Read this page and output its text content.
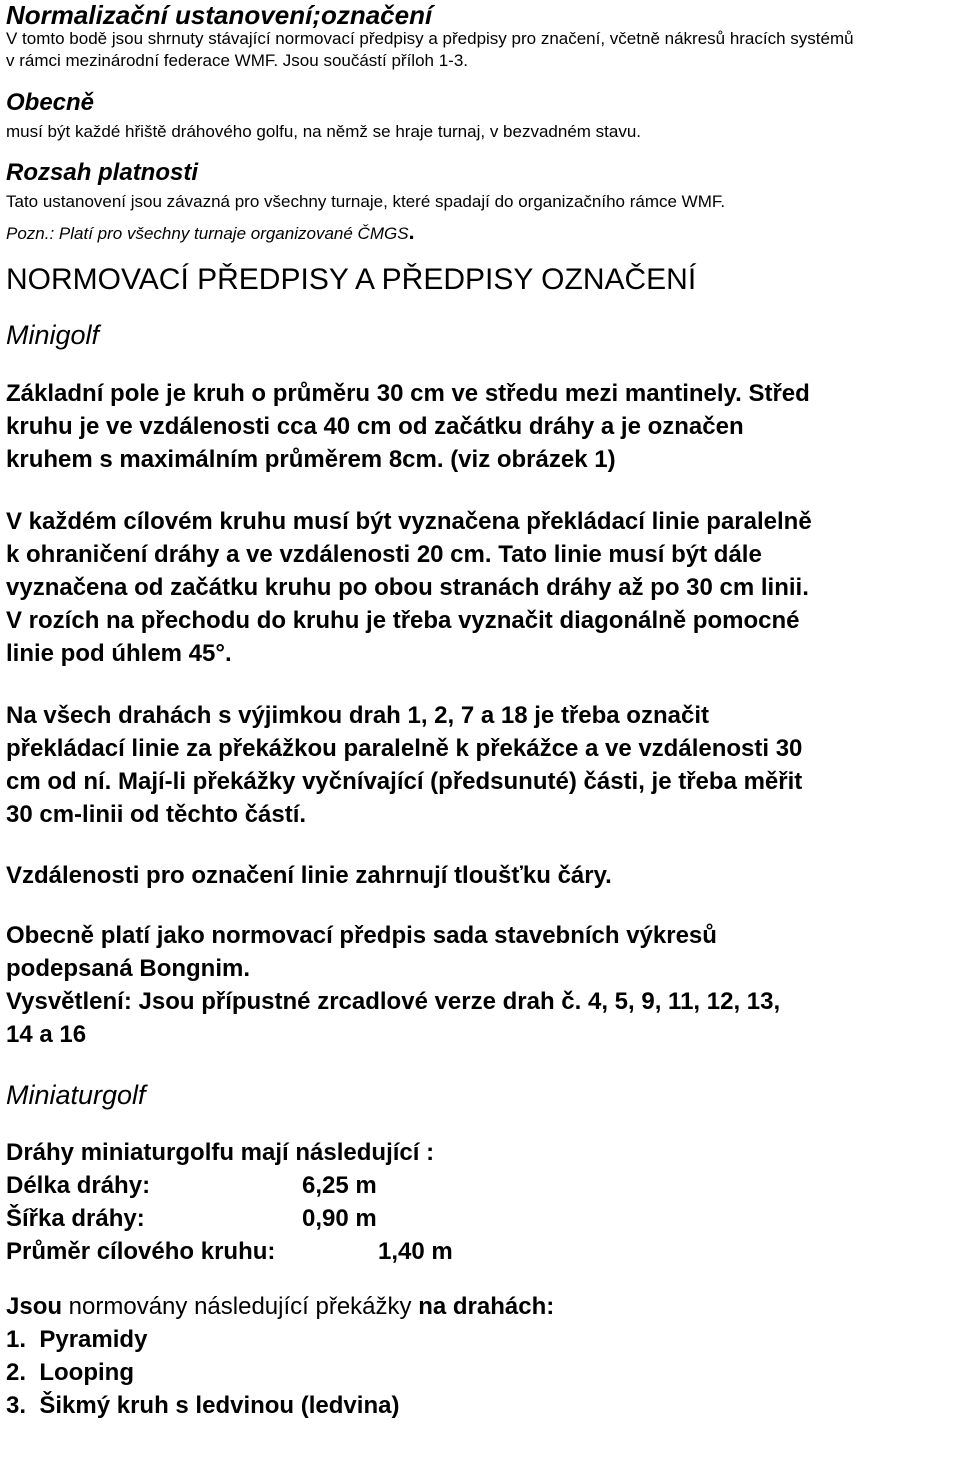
Normalizační ustanovení;označení

V tomto bodě jsou shrnuty stávající normovací předpisy a předpisy pro značení, včetně nákresů hracích systémů

v rámci mezinárodní federace WMF. Jsou součástí příloh 1-3.

Obecně

musí být každé hřiště dráhového golfu, na němž se hraje turnaj, v bezvadném stavu.

Rozsah platnosti

Tato ustanovení jsou závazná pro všechny turnaje, které spadají do organizačního rámce WMF.

Pozn.: Platí pro všechny turnaje organizované ČMGS.

NORMOVACÍ PŘEDPISY A PŘEDPISY OZNAČENÍ

Minigolf

Základní pole je kruh o průměru 30 cm ve středu mezi mantinely. Střed

kruhu je ve vzdálenosti cca 40 cm od začátku dráhy a je označen

kruhem s maximálním průměrem 8cm. (viz obrázek 1)

V každém cílovém kruhu musí být vyznačena překládací linie paralelně

k ohraničení dráhy a ve vzdálenosti 20 cm. Tato linie musí být dále

vyznačena od začátku kruhu po obou stranách dráhy až po 30 cm linii.

V rozích na přechodu do kruhu je třeba vyznačit diagonálně pomocné

linie pod úhlem 45°.

Na všech drahách s výjimkou drah 1, 2, 7 a 18 je třeba označit

překládací linie za překážkou paralelně k překážce a ve vzdálenosti 30

cm od ní. Mají-li překážky vyčnívající (předsunuté) části, je třeba měřit

30 cm-linii od těchto částí.

Vzdálenosti pro označení linie zahrnují tloušťku čáry.

Obecně platí jako normovací předpis sada stavebních výkresů

podepsaná Bongnim.

Vysvětlení: Jsou přípustné zrcadlové verze drah č. 4, 5, 9, 11, 12, 13,

14 a 16

Miniaturgolf

Dráhy miniaturgolfu mají následující :

Délka dráhy:	6,25 m
Šířka dráhy:	0,90 m
Průměr cílového kruhu:	1,40 m

Jsou normovány následující překážky na drahách:

1.  Pyramidy

2.  Looping

3.  Šikmý kruh s ledvinou (ledvina)
